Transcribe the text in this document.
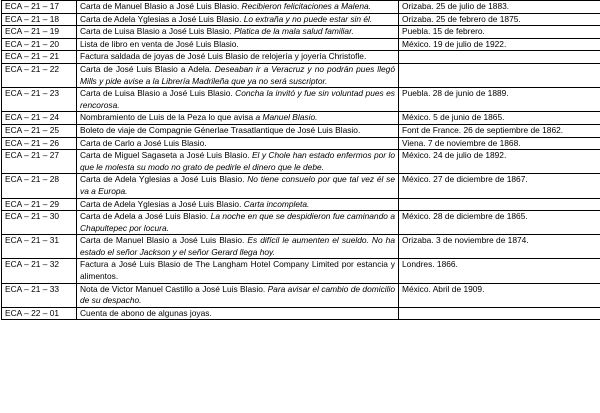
ECA – 21 – 17	Carta de Manuel Blasio a José Luis Blasio. Recibieron felicitaciones a Malena.	Orizaba. 25 de julio de 1883.
ECA – 21 – 18	Carta de Adela Yglesias a José Luis Blasio. Lo extraña y no puede estar sin él.	Orizaba. 25 de febrero de 1875.
ECA – 21 – 19	Carta de Luisa Blasio a José Luis Blasio. Platica de la mala salud familiar.	Puebla. 15 de febrero.
ECA – 21 – 20	Lista de libro en venta de José Luis Blasio.	México. 19 de julio de 1922.
ECA – 21 – 21	Factura saldada de joyas de José Luis Blasio de relojería y joyería Christofle.	
ECA – 21 – 22	Carta de José Luis Blasio a Adela. Deseaban ir a Veracruz y no podrán pues llegó Mills y pide avise a la Librería Madrileña que ya no será suscriptor.	
ECA – 21 – 23	Carta de Luisa Blasio a José Luis Blasio. Concha la invitó y fue sin voluntad pues es rencorosa.	Puebla. 28 de junio de 1889.
ECA – 21 – 24	Nombramiento de Luis de la Peza lo que avisa a Manuel Blasio.	México. 5 de junio de 1865.
ECA – 21 – 25	Boleto de viaje de Compagnie Génerlae Trasatlantique de José Luis Blasio.	Font de France. 26 de septiembre de 1862.
ECA – 21 – 26	Carta de Carlo a José Luis Blasio.	Viena. 7 de noviembre de 1868.
ECA – 21 – 27	Carta de Miguel Sagaseta a José Luis Blasio. El y Chole han estado enfermos por lo que le molesta su modo no grato de pedirle el dinero que le debe.	México. 24 de julio de 1892.
ECA – 21 – 28	Carta de Adela Yglesias a José Luis Blasio. No tiene consuelo por que tal vez él se va a Europa.	México. 27 de diciembre de 1867.
ECA – 21 – 29	Carta de Adela Yglesias a José Luis Blasio. Carta incompleta.	
ECA – 21 – 30	Carta de Adela a José Luis Blasio. La noche en que se despidieron fue caminando a Chapultepec por locura.	México. 28 de diciembre de 1865.
ECA – 21 – 31	Carta de Manuel Blasio a José Luis Blasio. Es difícil le aumenten el sueldo. No ha estado el señor Jackson y el señor Gerard llega hoy.	Orizaba. 3 de noviembre de 1874.
ECA – 21 – 32	Factura a José Luis Blasio de The Langham Hotel Company Limited por estancia y alimentos.	Londres. 1866.
ECA – 21 – 33	Nota de Victor Manuel Castillo a José Luis Blasio. Para avisar el cambio de domicilio de su despacho.	México. Abril de 1909.
ECA – 22 – 01	Cuenta de abono de algunas joyas.	
